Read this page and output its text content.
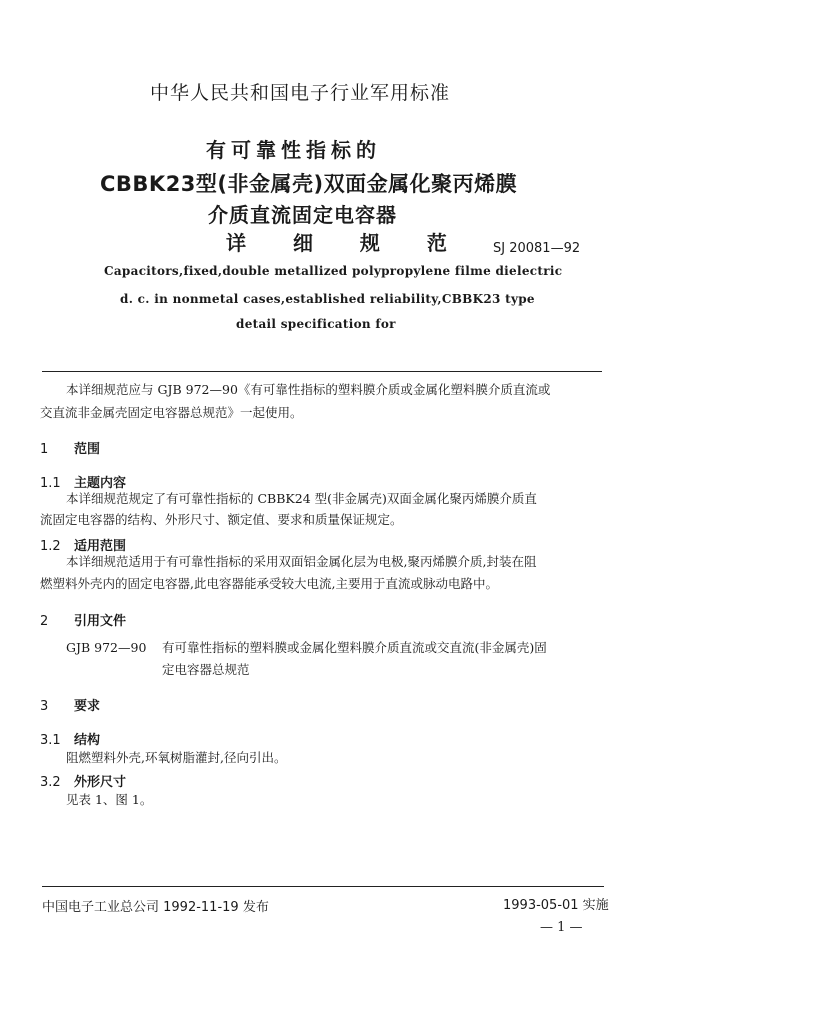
中华人民共和国电子行业军用标准
有可靠性指标的
CBBK23型(非金属壳)双面金属化聚丙烯膜
介质直流固定电容器
详 细 规 范 SJ 20081—92
Capacitors,fixed,double metallized polypropylene filme dielectric
d. c. in nonmetal cases,established reliability,CBBK23 type
detail specification for
本详细规范应与 GJB 972—90《有可靠性指标的塑料膜介质或金属化塑料膜介质直流或
交直流非金属壳固定电容器总规范》一起使用。
1 范围
1.1 主题内容
本详细规范规定了有可靠性指标的 CBBK24 型(非金属壳)双面金属化聚丙烯膜介质直
流固定电容器的结构、外形尺寸、额定值、要求和质量保证规定。
1.2 适用范围
本详细规范适用于有可靠性指标的采用双面铝金属化层为电极,聚丙烯膜介质,封装在阻
燃塑料外壳内的固定电容器,此电容器能承受较大电流,主要用于直流或脉动电路中。
2 引用文件
GJB 972—90 有可靠性指标的塑料膜或金属化塑料膜介质直流或交直流(非金属壳)固
定电容器总规范
3 要求
3.1 结构
阻燃塑料外壳,环氧树脂灌封,径向引出。
3.2 外形尺寸
见表 1、图 1。
中国电子工业总公司 1992-11-19 发布	1993-05-01 实施
— 1 —
